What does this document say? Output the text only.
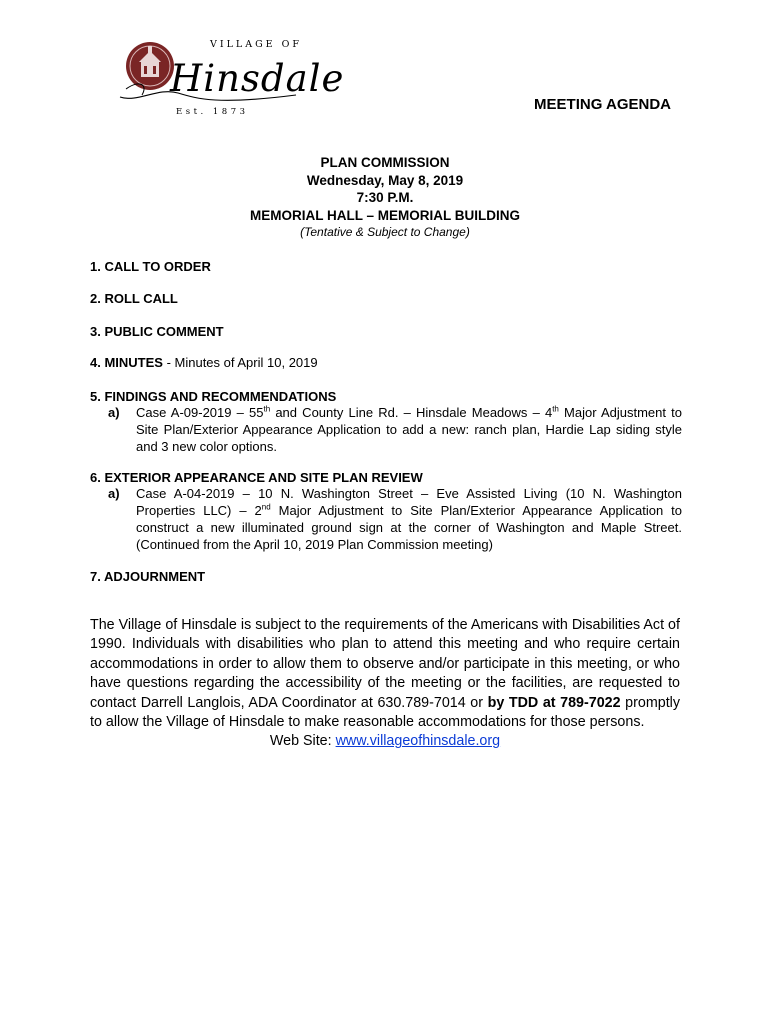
VILLAGE OF
Hinsdale
Est. 1873	MEETING AGENDA
PLAN COMMISSION
Wednesday, May 8, 2019
7:30 P.M.
MEMORIAL HALL – MEMORIAL BUILDING
(Tentative & Subject to Change)
1. CALL TO ORDER
2. ROLL CALL
3. PUBLIC COMMENT
4. MINUTES - Minutes of April 10, 2019
5. FINDINGS AND RECOMMENDATIONS
a) Case A-09-2019 – 55th and County Line Rd. – Hinsdale Meadows – 4th Major Adjustment to Site Plan/Exterior Appearance Application to add a new: ranch plan, Hardie Lap siding style and 3 new color options.
6. EXTERIOR APPEARANCE AND SITE PLAN REVIEW
a) Case A-04-2019 – 10 N. Washington Street – Eve Assisted Living (10 N. Washington Properties LLC) – 2nd Major Adjustment to Site Plan/Exterior Appearance Application to construct a new illuminated ground sign at the corner of Washington and Maple Street. (Continued from the April 10, 2019 Plan Commission meeting)
7. ADJOURNMENT
The Village of Hinsdale is subject to the requirements of the Americans with Disabilities Act of 1990. Individuals with disabilities who plan to attend this meeting and who require certain accommodations in order to allow them to observe and/or participate in this meeting, or who have questions regarding the accessibility of the meeting or the facilities, are requested to contact Darrell Langlois, ADA Coordinator at 630.789-7014 or by TDD at 789-7022 promptly to allow the Village of Hinsdale to make reasonable accommodations for those persons.
Web Site: www.villageofhinsdale.org
